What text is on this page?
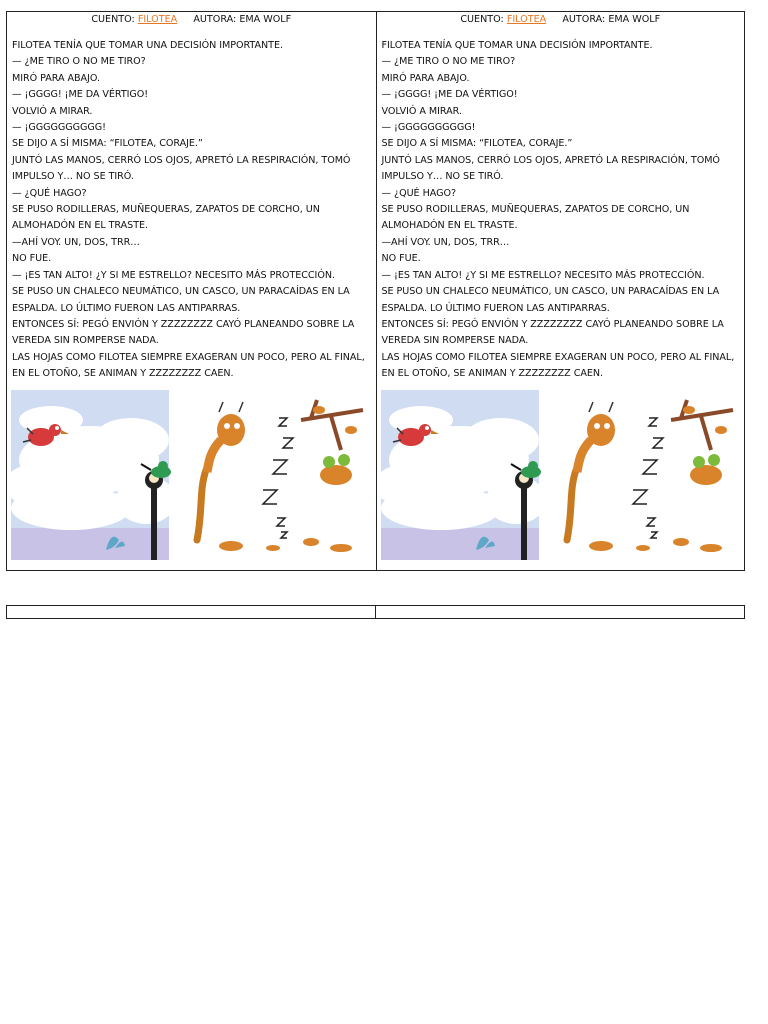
CUENTO: FILOTEA AUTORA: EMA WOLF

FILOTEA TENÍA QUE TOMAR UNA DECISIÓN IMPORTANTE.

— ¿ME TIRO O NO ME TIRO?

MIRÓ PARA ABAJO.

— ¡GGGG! ¡ME DA VÉRTIGO!

VOLVIÓ A MIRAR.

— ¡GGGGGGGGGG!

SE DIJO A SÍ MISMA: “FILOTEA, CORAJE.”

JUNTÓ LAS MANOS, CERRÓ LOS OJOS, APRETÓ LA RESPIRACIÓN, TOMÓ

IMPULSO Y… NO SE TIRÓ.

— ¿QUÉ HAGO?

SE PUSO RODILLERAS, MUÑEQUERAS, ZAPATOS DE CORCHO, UN

ALMOHADÓN EN EL TRASTE.

—AHÍ VOY. UN, DOS, TRR…

NO FUE.

— ¡ES TAN ALTO! ¿Y SI ME ESTRELLO? NECESITO MÁS PROTECCIÓN.

SE PUSO UN CHALECO NEUMÁTICO, UN CASCO, UN PARACAÍDAS EN LA

ESPALDA. LO ÚLTIMO FUERON LAS ANTIPARRAS.

ENTONCES SÍ: PEGÓ ENVIÓN Y ZZZZZZZZ CAYÓ PLANEANDO SOBRE LA

VEREDA SIN ROMPERSE NADA.

LAS HOJAS COMO FILOTEA SIEMPRE EXAGERAN UN POCO, PERO AL FINAL,

EN EL OTOÑO, SE ANIMAN Y ZZZZZZZZ CAEN.

CUENTO: FILOTEA AUTORA: EMA WOLF

FILOTEA TENÍA QUE TOMAR UNA DECISIÓN IMPORTANTE.

— ¿ME TIRO O NO ME TIRO?

MIRÓ PARA ABAJO.

— ¡GGGG! ¡ME DA VÉRTIGO!

VOLVIÓ A MIRAR.

— ¡GGGGGGGGGG!

SE DIJO A SÍ MISMA: “FILOTEA, CORAJE.”

JUNTÓ LAS MANOS, CERRÓ LOS OJOS, APRETÓ LA RESPIRACIÓN, TOMÓ

IMPULSO Y… NO SE TIRÓ.

— ¿QUÉ HAGO?

SE PUSO RODILLERAS, MUÑEQUERAS, ZAPATOS DE CORCHO, UN

ALMOHADÓN EN EL TRASTE.

—AHÍ VOY. UN, DOS, TRR…

NO FUE.

— ¡ES TAN ALTO! ¿Y SI ME ESTRELLO? NECESITO MÁS PROTECCIÓN.

SE PUSO UN CHALECO NEUMÁTICO, UN CASCO, UN PARACAÍDAS EN LA

ESPALDA. LO ÚLTIMO FUERON LAS ANTIPARRAS.

ENTONCES SÍ: PEGÓ ENVIÓN Y ZZZZZZZZ CAYÓ PLANEANDO SOBRE LA

VEREDA SIN ROMPERSE NADA.

LAS HOJAS COMO FILOTEA SIEMPRE EXAGERAN UN POCO, PERO AL FINAL,

EN EL OTOÑO, SE ANIMAN Y ZZZZZZZZ CAEN.
